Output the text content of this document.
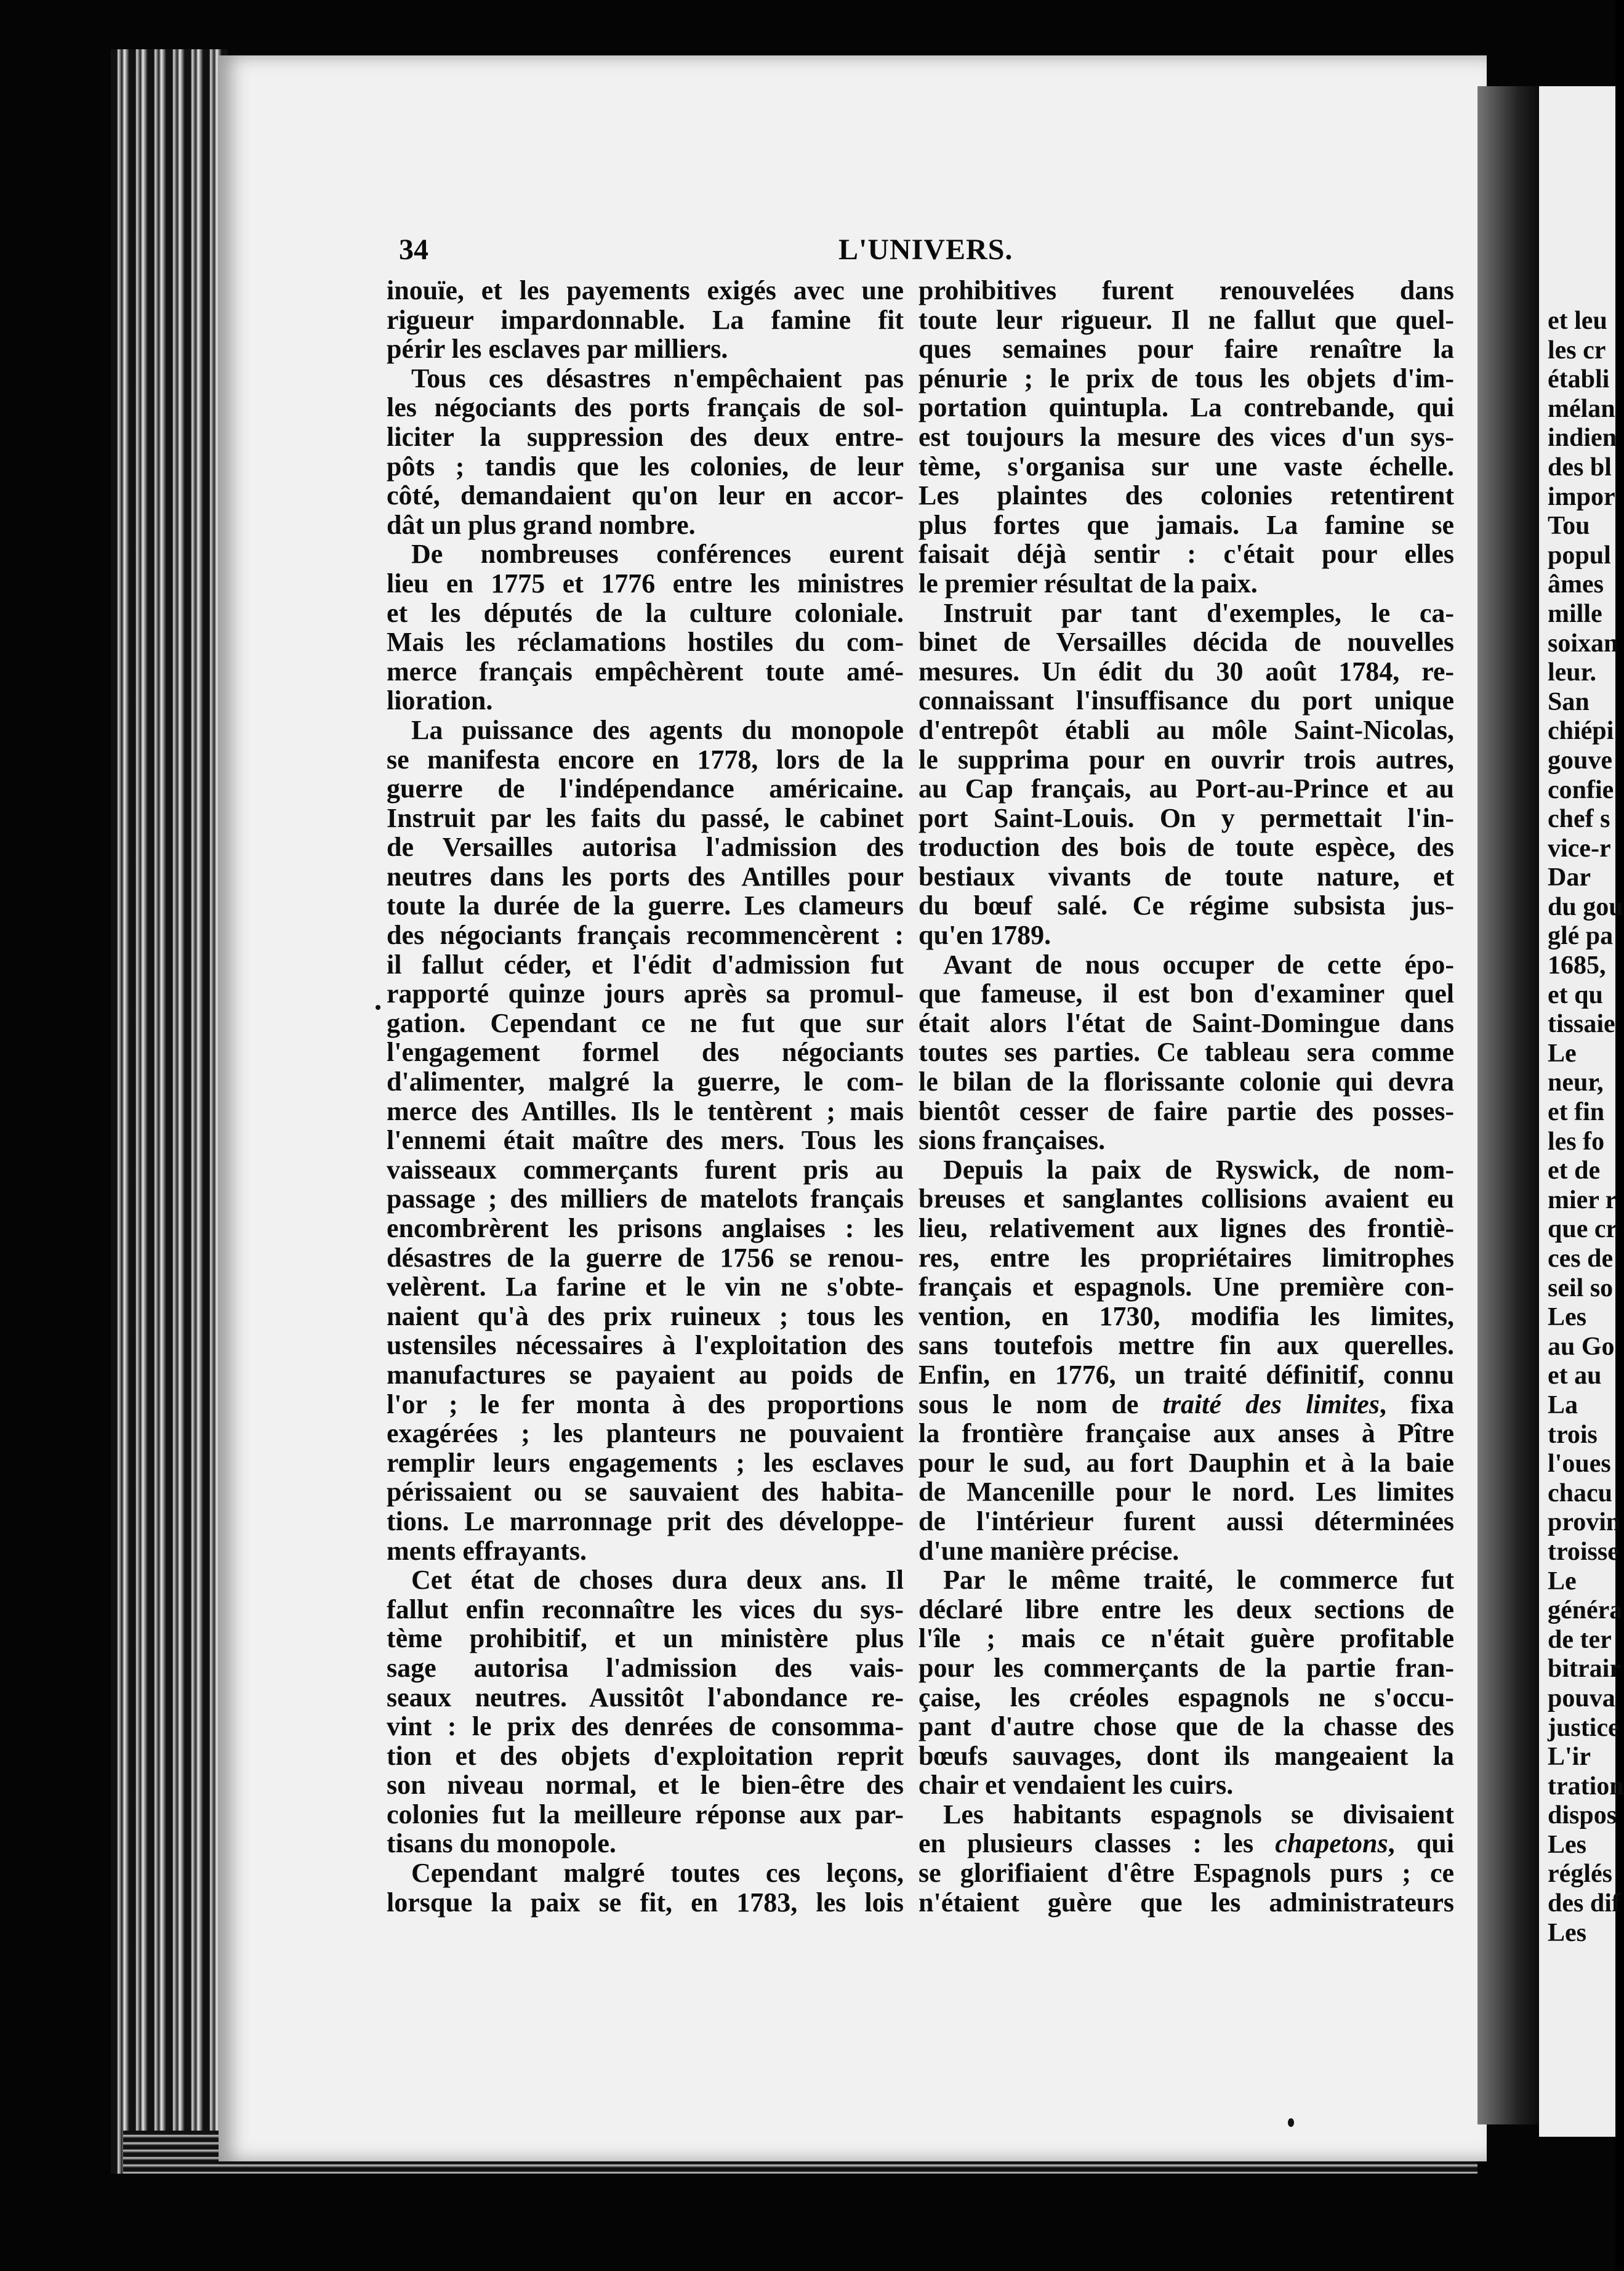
et leu
les cr
établi
mélan
indien
des bl
impor
Tou
popul
âmes
mille
soixan
leur.
San
chiépi
gouve
confie
chef s
vice-r
Dar
du gou
glé pa
1685,
et qu
tissaie
Le
neur,
et fin
les fo
et de
mier r
que cr
ces de
seil so
Les
au Go
et au
La
trois
l'oues
chacu
provin
troisse
Le
généra
de ter
bitrair
pouva
justice
L'ir
tration
dispos
Les
réglés
des dif
Les
34	L'UNIVERS.
inouïe, et les payements exigés avec une
rigueur impardonnable. La famine fit
périr les esclaves par milliers.
Tous ces désastres n'empêchaient pas
les négociants des ports français de sol-
liciter la suppression des deux entre-
pôts ; tandis que les colonies, de leur
côté, demandaient qu'on leur en accor-
dât un plus grand nombre.
De nombreuses conférences eurent
lieu en 1775 et 1776 entre les ministres
et les députés de la culture coloniale.
Mais les réclamations hostiles du com-
merce français empêchèrent toute amé-
lioration.
La puissance des agents du monopole
se manifesta encore en 1778, lors de la
guerre de l'indépendance américaine.
Instruit par les faits du passé, le cabinet
de Versailles autorisa l'admission des
neutres dans les ports des Antilles pour
toute la durée de la guerre. Les clameurs
des négociants français recommencèrent :
il fallut céder, et l'édit d'admission fut
rapporté quinze jours après sa promul-
gation. Cependant ce ne fut que sur
l'engagement formel des négociants
d'alimenter, malgré la guerre, le com-
merce des Antilles. Ils le tentèrent ; mais
l'ennemi était maître des mers. Tous les
vaisseaux commerçants furent pris au
passage ; des milliers de matelots français
encombrèrent les prisons anglaises : les
désastres de la guerre de 1756 se renou-
velèrent. La farine et le vin ne s'obte-
naient qu'à des prix ruineux ; tous les
ustensiles nécessaires à l'exploitation des
manufactures se payaient au poids de
l'or ; le fer monta à des proportions
exagérées ; les planteurs ne pouvaient
remplir leurs engagements ; les esclaves
périssaient ou se sauvaient des habita-
tions. Le marronnage prit des développe-
ments effrayants.
Cet état de choses dura deux ans. Il
fallut enfin reconnaître les vices du sys-
tème prohibitif, et un ministère plus
sage autorisa l'admission des vais-
seaux neutres. Aussitôt l'abondance re-
vint : le prix des denrées de consomma-
tion et des objets d'exploitation reprit
son niveau normal, et le bien-être des
colonies fut la meilleure réponse aux par-
tisans du monopole.
Cependant malgré toutes ces leçons,
lorsque la paix se fit, en 1783, les lois
prohibitives furent renouvelées dans
toute leur rigueur. Il ne fallut que quel-
ques semaines pour faire renaître la
pénurie ; le prix de tous les objets d'im-
portation quintupla. La contrebande, qui
est toujours la mesure des vices d'un sys-
tème, s'organisa sur une vaste échelle.
Les plaintes des colonies retentirent
plus fortes que jamais. La famine se
faisait déjà sentir : c'était pour elles
le premier résultat de la paix.
Instruit par tant d'exemples, le ca-
binet de Versailles décida de nouvelles
mesures. Un édit du 30 août 1784, re-
connaissant l'insuffisance du port unique
d'entrepôt établi au môle Saint-Nicolas,
le supprima pour en ouvrir trois autres,
au Cap français, au Port-au-Prince et au
port Saint-Louis. On y permettait l'in-
troduction des bois de toute espèce, des
bestiaux vivants de toute nature, et
du bœuf salé. Ce régime subsista jus-
qu'en 1789.
Avant de nous occuper de cette épo-
que fameuse, il est bon d'examiner quel
était alors l'état de Saint-Domingue dans
toutes ses parties. Ce tableau sera comme
le bilan de la florissante colonie qui devra
bientôt cesser de faire partie des posses-
sions françaises.
Depuis la paix de Ryswick, de nom-
breuses et sanglantes collisions avaient eu
lieu, relativement aux lignes des frontiè-
res, entre les propriétaires limitrophes
français et espagnols. Une première con-
vention, en 1730, modifia les limites,
sans toutefois mettre fin aux querelles.
Enfin, en 1776, un traité définitif, connu
sous le nom de traité des limites, fixa
la frontière française aux anses à Pître
pour le sud, au fort Dauphin et à la baie
de Mancenille pour le nord. Les limites
de l'intérieur furent aussi déterminées
d'une manière précise.
Par le même traité, le commerce fut
déclaré libre entre les deux sections de
l'île ; mais ce n'était guère profitable
pour les commerçants de la partie fran-
çaise, les créoles espagnols ne s'occu-
pant d'autre chose que de la chasse des
bœufs sauvages, dont ils mangeaient la
chair et vendaient les cuirs.
Les habitants espagnols se divisaient
en plusieurs classes : les chapetons, qui
se glorifiaient d'être Espagnols purs ; ce
n'étaient guère que les administrateurs
